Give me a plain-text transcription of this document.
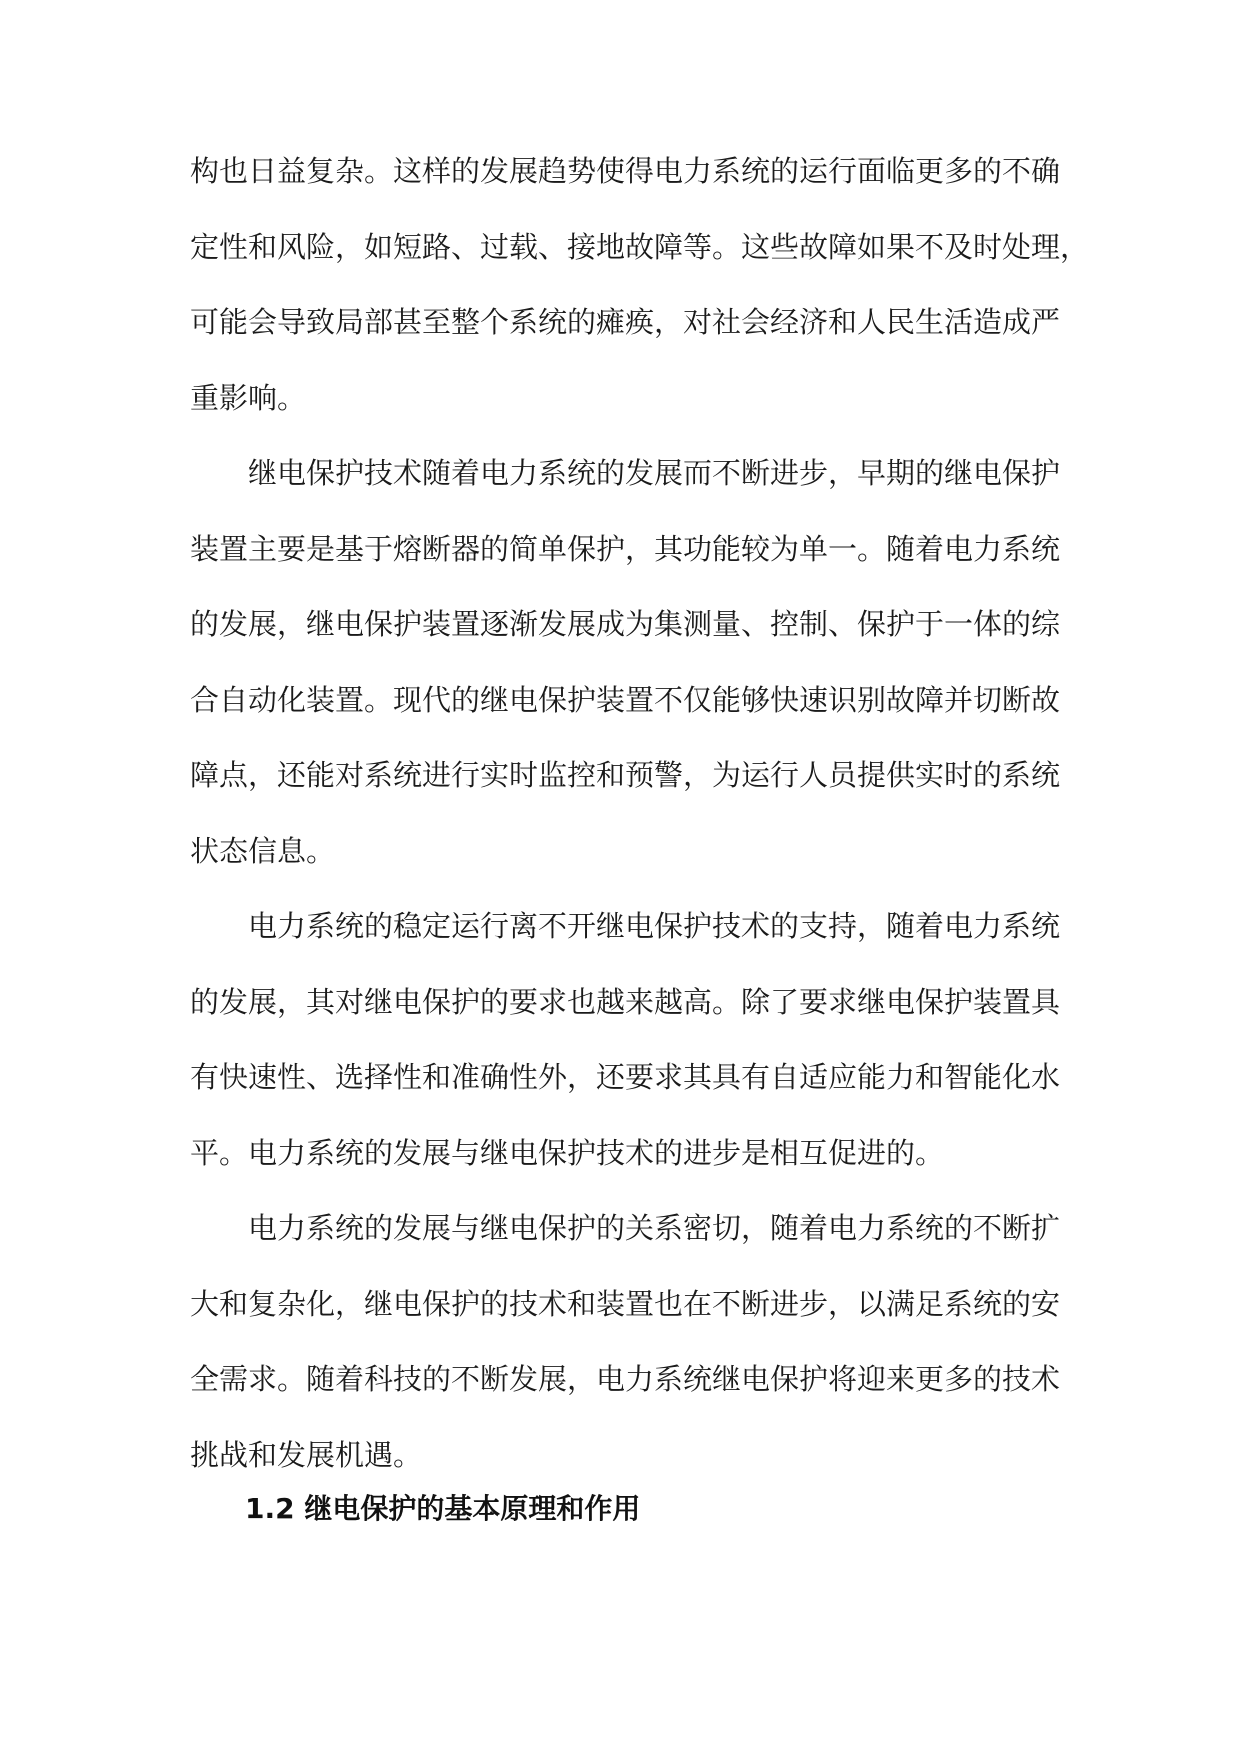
构也日益复杂。这样的发展趋势使得电力系统的运行面临更多的不确
定性和风险，如短路、过载、接地故障等。这些故障如果不及时处理，
可能会导致局部甚至整个系统的瘫痪，对社会经济和人民生活造成严
重影响。
继电保护技术随着电力系统的发展而不断进步，早期的继电保护
装置主要是基于熔断器的简单保护，其功能较为单一。随着电力系统
的发展，继电保护装置逐渐发展成为集测量、控制、保护于一体的综
合自动化装置。现代的继电保护装置不仅能够快速识别故障并切断故
障点，还能对系统进行实时监控和预警，为运行人员提供实时的系统
状态信息。
电力系统的稳定运行离不开继电保护技术的支持，随着电力系统
的发展，其对继电保护的要求也越来越高。除了要求继电保护装置具
有快速性、选择性和准确性外，还要求其具有自适应能力和智能化水
平。电力系统的发展与继电保护技术的进步是相互促进的。
电力系统的发展与继电保护的关系密切，随着电力系统的不断扩
大和复杂化，继电保护的技术和装置也在不断进步，以满足系统的安
全需求。随着科技的不断发展，电力系统继电保护将迎来更多的技术
挑战和发展机遇。
1.2 继电保护的基本原理和作用
